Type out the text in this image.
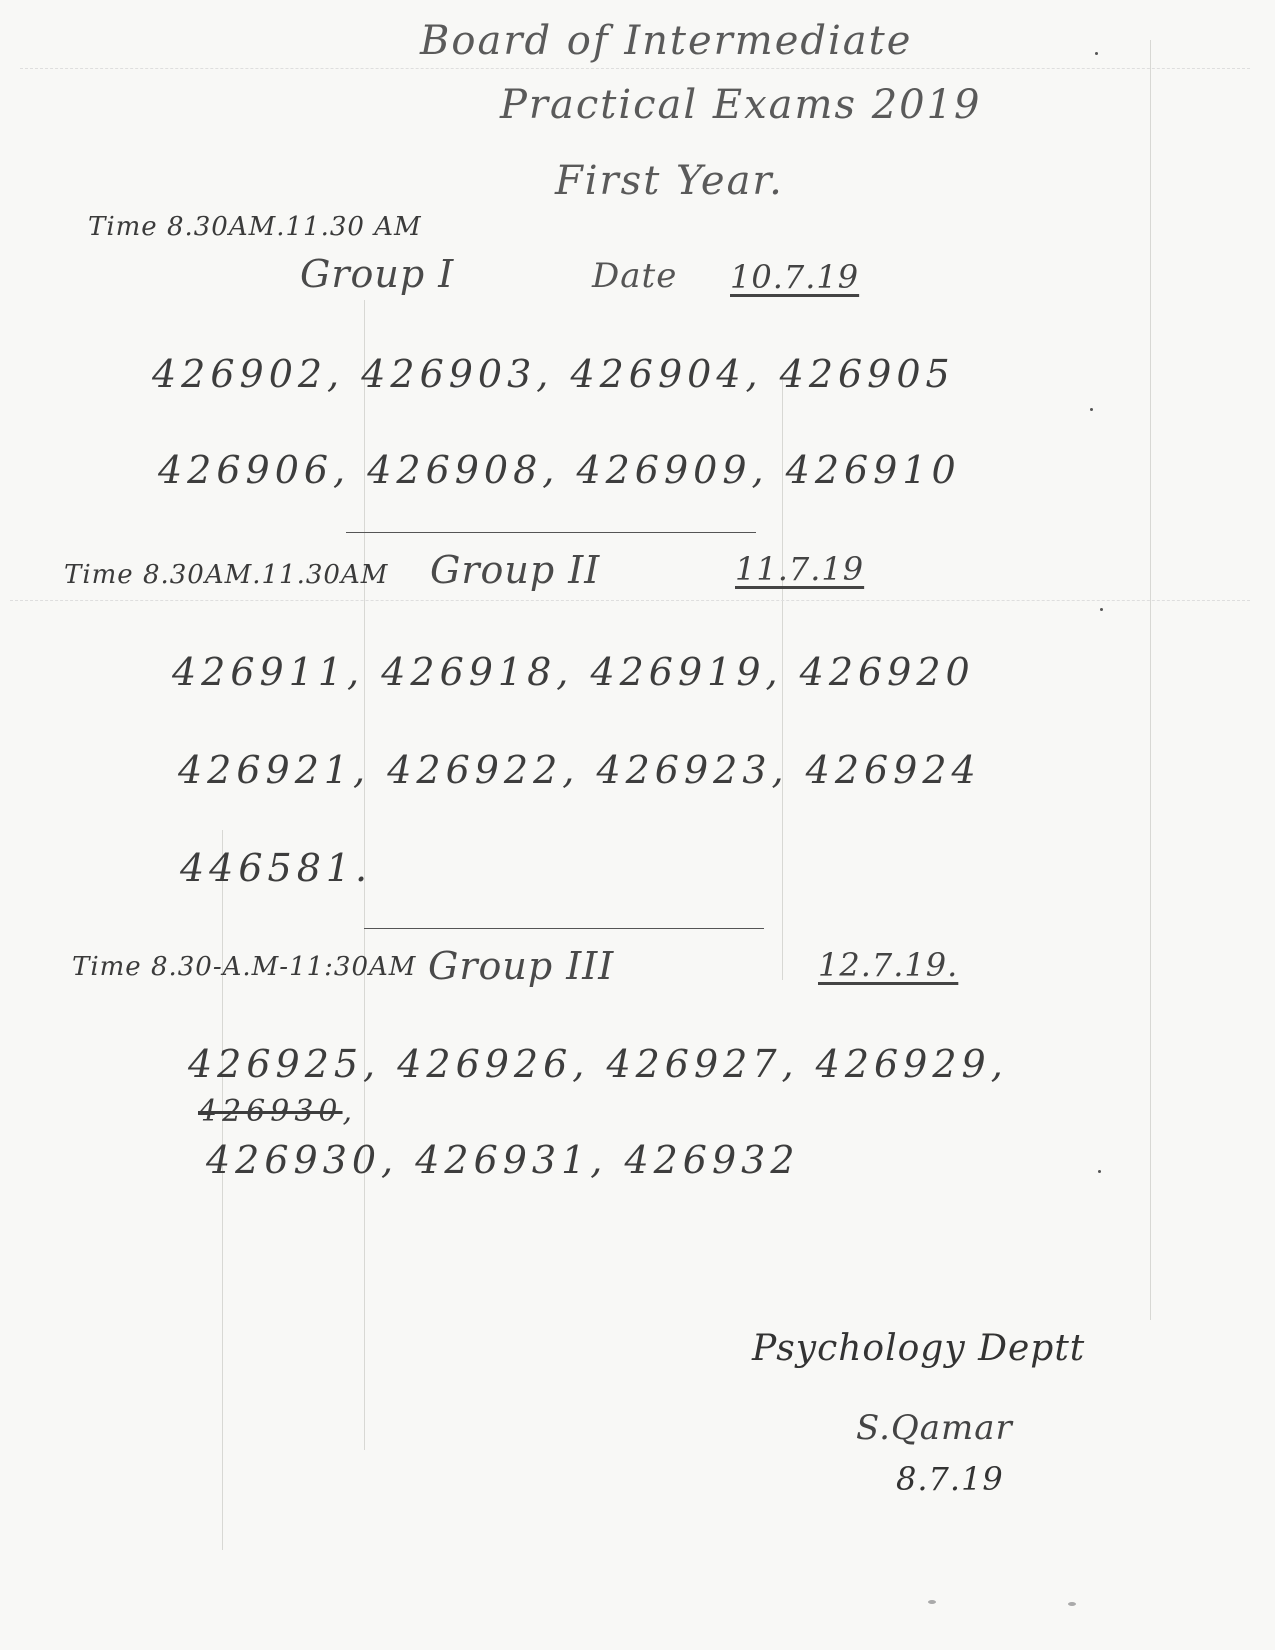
Board of Intermediate
Practical Exams 2019
First Year.
Time 8.30AM.11.30 AM
Group I	Date 10.7.19
426902, 426903, 426904, 426905
426906, 426908, 426909, 426910
Time 8.30AM.11.30AM Group II	11.7.19
426911, 426918, 426919, 426920
426921, 426922, 426923, 426924
446581.
Time 8.30-A.M-11:30AM Group III	12.7.19.
426925, 426926, 426927, 426929,
426930,
426930, 426931, 426932
Psychology Deptt
S.Qamar
8.7.19
